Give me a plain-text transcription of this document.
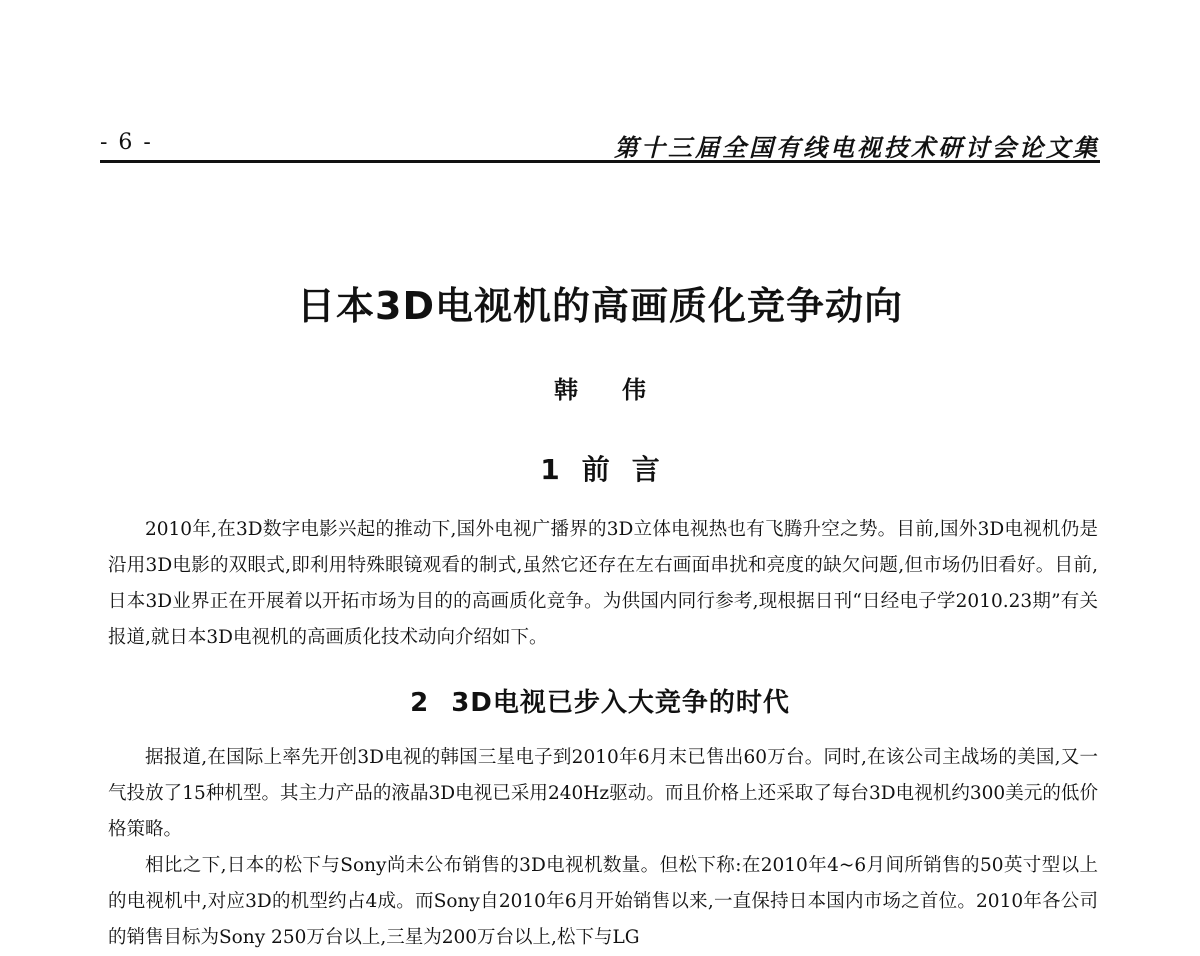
- 6 -	第十三届全国有线电视技术研讨会论文集
日本3D电视机的高画质化竞争动向
韩伟
1前言

2010年,在3D数字电影兴起的推动下,国外电视广播界的3D立体电视热也有飞腾升空之势。目前,国外3D电视机仍是沿用3D电影的双眼式,即利用特殊眼镜观看的制式,虽然它还存在左右画面串扰和亮度的缺欠问题,但市场仍旧看好。目前,日本3D业界正在开展着以开拓市场为目的的高画质化竞争。为供国内同行参考,现根据日刊“日经电子学2010.23期”有关报道,就日本3D电视机的高画质化技术动向介绍如下。

2 3D电视已步入大竞争的时代

据报道,在国际上率先开创3D电视的韩国三星电子到2010年6月末已售出60万台。同时,在该公司主战场的美国,又一气投放了15种机型。其主力产品的液晶3D电视已采用240Hz驱动。而且价格上还采取了每台3D电视机约300美元的低价格策略。

相比之下,日本的松下与Sony尚未公布销售的3D电视机数量。但松下称:在2010年4~6月间所销售的50英寸型以上的电视机中,对应3D的机型约占4成。而Sony自2010年6月开始销售以来,一直保持日本国内市场之首位。2010年各公司的销售目标为Sony 250万台以上,三星为200万台以上,松下与LG
